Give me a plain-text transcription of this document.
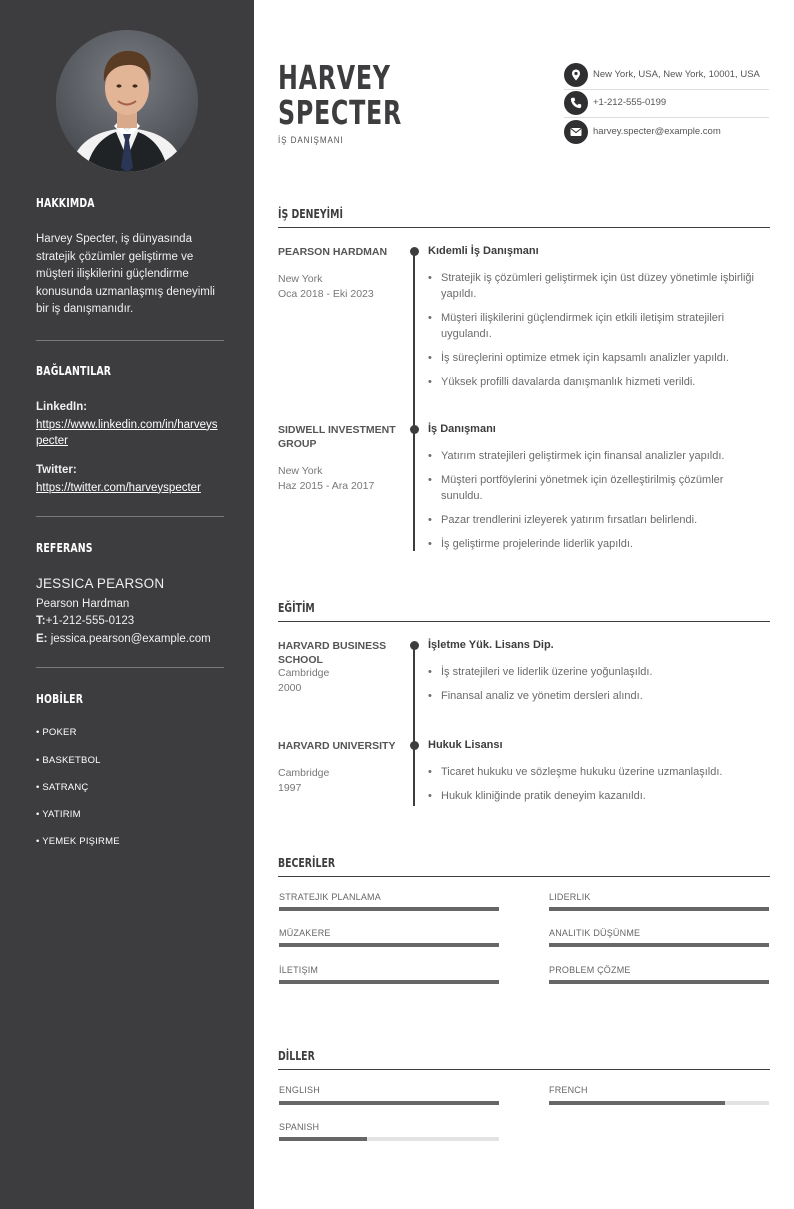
HAKKIMDA
Harvey Specter, iş dünyasında stratejik çözümler geliştirme ve müşteri ilişkilerini güçlendirme konusunda uzmanlaşmış deneyimli bir iş danışmanıdır.
BAĞLANTILAR
LinkedIn:
https://www.linkedin.com/in/harveyspecter
Twitter:
https://twitter.com/harveyspecter
REFERANS
JESSICA PEARSON
Pearson Hardman
T:+1-212-555-0123
E: jessica.pearson@example.com
HOBİLER
• POKER
• BASKETBOL
• SATRANÇ
• YATIRIM
• YEMEK PIŞIRME
HARVEY
SPECTER
İŞ DANIŞMANI
New York, USA, New York, 10001, USA
+1-212-555-0199
harvey.specter@example.com
İŞ DENEYİMİ
PEARSON HARDMAN
New York
Oca 2018 - Eki 2023
Kıdemli İş Danışmanı
• Stratejik iş çözümleri geliştirmek için üst düzey yönetimle işbirliği yapıldı.
• Müşteri ilişkilerini güçlendirmek için etkili iletişim stratejileri uygulandı.
• İş süreçlerini optimize etmek için kapsamlı analizler yapıldı.
• Yüksek profilli davalarda danışmanlık hizmeti verildi.
SIDWELL INVESTMENT GROUP
New York
Haz 2015 - Ara 2017
İş Danışmanı
• Yatırım stratejileri geliştirmek için finansal analizler yapıldı.
• Müşteri portföylerini yönetmek için özelleştirilmiş çözümler sunuldu.
• Pazar trendlerini izleyerek yatırım fırsatları belirlendi.
• İş geliştirme projelerinde liderlik yapıldı.
EĞİTİM
HARVARD BUSINESS SCHOOL
Cambridge
2000
İşletme Yük. Lisans Dip.
• İş stratejileri ve liderlik üzerine yoğunlaşıldı.
• Finansal analiz ve yönetim dersleri alındı.
HARVARD UNIVERSITY
Cambridge
1997
Hukuk Lisansı
• Ticaret hukuku ve sözleşme hukuku üzerine uzmanlaşıldı.
• Hukuk kliniğinde pratik deneyim kazanıldı.
BECERİLER
STRATEJIK PLANLAMA	LIDERLIK
MÜZAKERE	ANALITIK DÜŞÜNME
İLETIŞIM	PROBLEM ÇÖZME
DİLLER
ENGLISH	FRENCH
SPANISH
